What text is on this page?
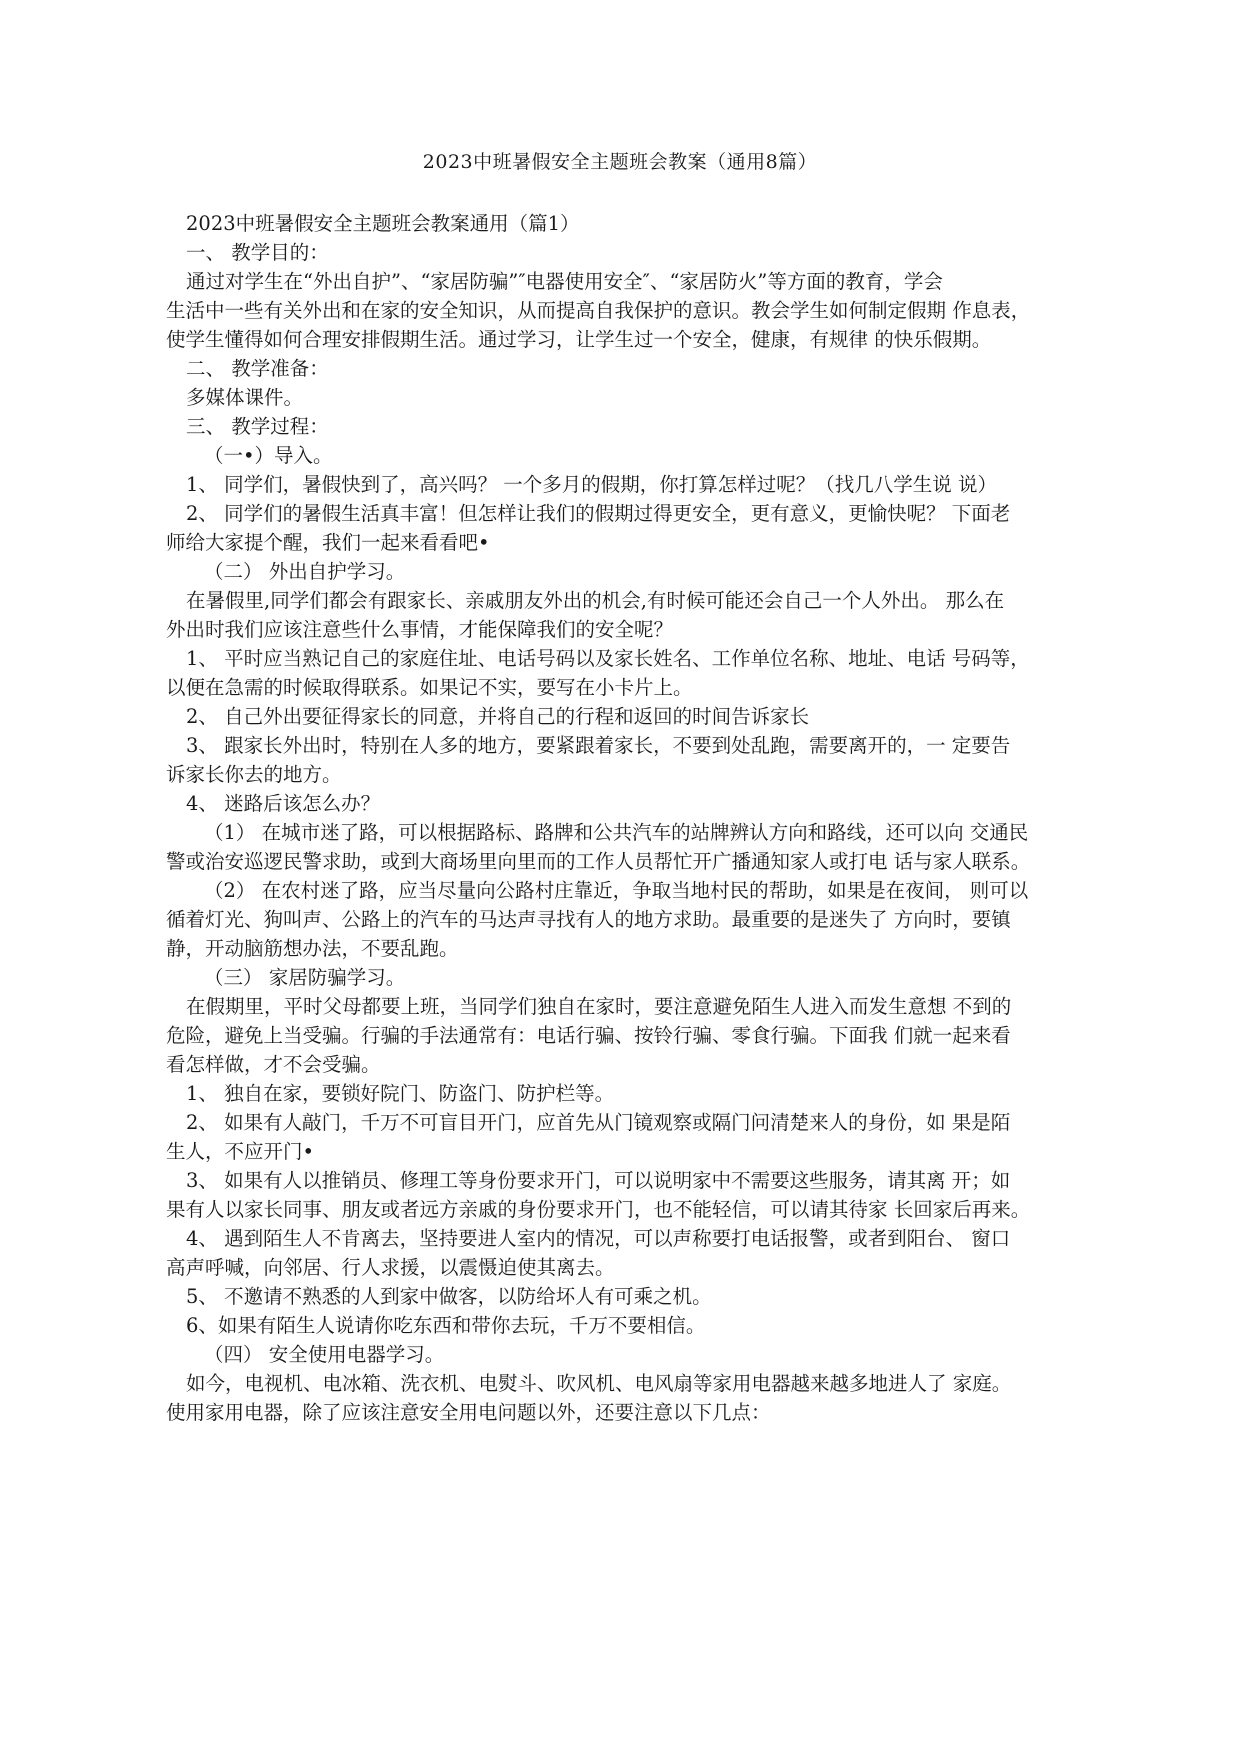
2023中班暑假安全主题班会教案（通用8篇）
2023中班暑假安全主题班会教案通用（篇1）
一、 教学目的：
通过对学生在“外出自护”、“家居防骗”″电器使用安全″、“家居防火”等方面的教育，学会
生活中一些有关外出和在家的安全知识，从而提高自我保护的意识。教会学生如何制定假期 作息表，
使学生懂得如何合理安排假期生活。通过学习，让学生过一个安全，健康，有规律 的快乐假期。
二、 教学准备：
多媒体课件。
三、 教学过程：
（一•）导入。
1、 同学们，暑假快到了，高兴吗？ 一个多月的假期，你打算怎样过呢？（找几八学生说 说）
2、 同学们的暑假生活真丰富！但怎样让我们的假期过得更安全，更有意义，更愉快呢？ 下面老
师给大家提个醒，我们一起来看看吧•
（二） 外出自护学习。
在暑假里,同学们都会有跟家长、亲戚朋友外出的机会,有时候可能还会自己一个人外出。 那么在
外出时我们应该注意些什么事情，才能保障我们的安全呢？
1、 平时应当熟记自己的家庭住址、电话号码以及家长姓名、工作单位名称、地址、电话 号码等，
以便在急需的时候取得联系。如果记不实，要写在小卡片上。
2、 自己外出要征得家长的同意，并将自己的行程和返回的时间告诉家长
3、 跟家长外出时，特别在人多的地方，要紧跟着家长，不要到处乱跑，需要离开的，一 定要告
诉家长你去的地方。
4、 迷路后该怎么办？
（1） 在城市迷了路，可以根据路标、路牌和公共汽车的站牌辨认方向和路线，还可以向 交通民
警或治安巡逻民警求助，或到大商场里向里而的工作人员帮忙开广播通知家人或打电 话与家人联系。
（2） 在农村迷了路，应当尽量向公路村庄靠近，争取当地村民的帮助，如果是在夜间， 则可以
循着灯光、狗叫声、公路上的汽车的马达声寻找有人的地方求助。最重要的是迷失了 方向时，要镇
静，开动脑筋想办法，不要乱跑。
（三） 家居防骗学习。
在假期里，平时父母都要上班，当同学们独自在家时，要注意避免陌生人进入而发生意想 不到的
危险，避免上当受骗。行骗的手法通常有：电话行骗、按铃行骗、零食行骗。下面我 们就一起来看
看怎样做，才不会受骗。
1、 独自在家，要锁好院门、防盗门、防护栏等。
2、 如果有人敲门，千万不可盲目开门，应首先从门镜观察或隔门问清楚来人的身份，如 果是陌
生人，不应开门•
3、 如果有人以推销员、修理工等身份要求开门，可以说明家中不需要这些服务，请其离 开；如
果有人以家长同事、朋友或者远方亲戚的身份要求开门，也不能轻信，可以请其待家 长回家后再来。
4、 遇到陌生人不肯离去，坚持要进人室内的情况，可以声称要打电话报警，或者到阳台、 窗口
高声呼喊，向邻居、行人求援，以震慑迫使其离去。
5、 不邀请不熟悉的人到家中做客，以防给坏人有可乘之机。
6、如果有陌生人说请你吃东西和带你去玩，千万不要相信。
（四） 安全使用电器学习。
如今，电视机、电冰箱、洗衣机、电熨斗、吹风机、电风扇等家用电器越来越多地进人了 家庭。
使用家用电器，除了应该注意安全用电问题以外，还要注意以下几点：
